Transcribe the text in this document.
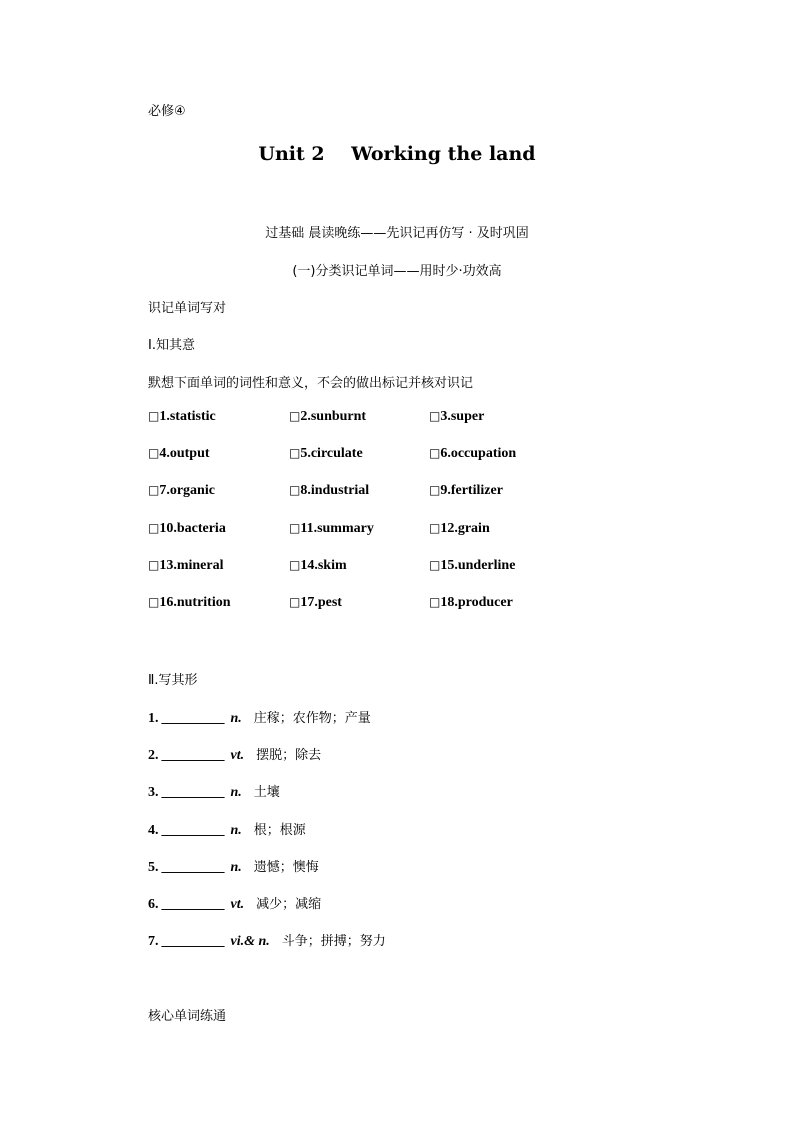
必修④
Unit 2    Working the land
过基础 晨读晚练——先识记再仿写 · 及时巩固
(一)分类识记单词——用时少·功效高
识记单词写对
Ⅰ.知其意
默想下面单词的词性和意义，不会的做出标记并核对识记
□1.statistic	□2.sunburnt	□3.super
□4.output	□5.circulate	□6.occupation
□7.organic	□8.industrial	□9.fertilizer
□10.bacteria	□11.summary	□12.grain
□13.mineral	□14.skim	□15.underline
□16.nutrition	□17.pest	□18.producer
Ⅱ.写其形
1. _________ n. 庄稼；农作物；产量
2. _________ vt. 摆脱；除去
3. _________ n. 土壤
4. _________ n. 根；根源
5. _________ n. 遗憾；懊悔
6. _________ vt. 减少；减缩
7. _________ vi.& n. 斗争；拼搏；努力
核心单词练通
